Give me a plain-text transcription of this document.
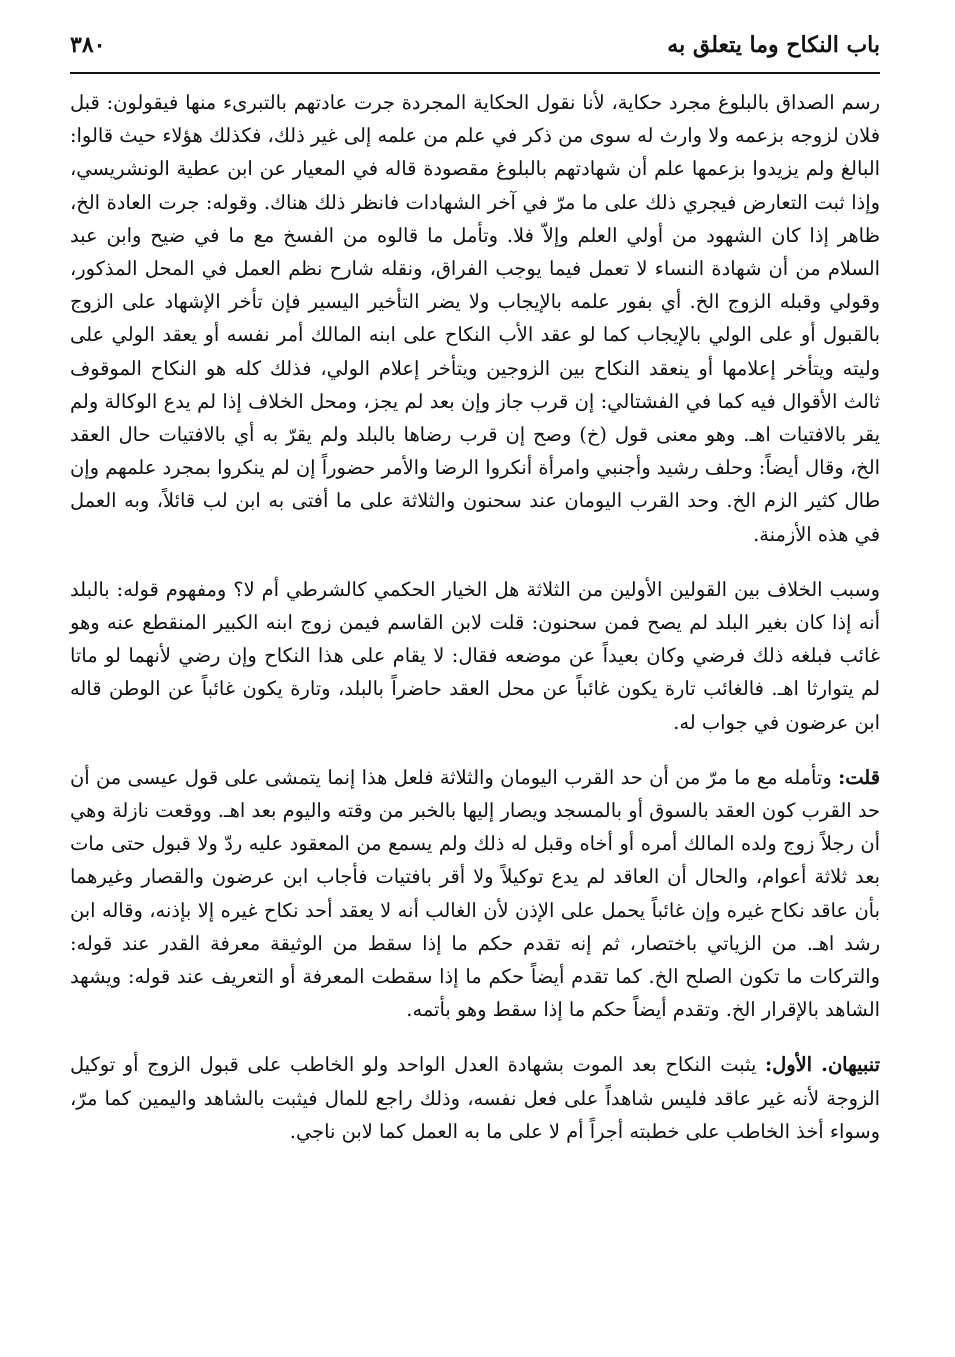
باب النكاح وما يتعلق به
٣٨٠

رسم الصداق بالبلوغ مجرد حكاية، لأنا نقول الحكاية المجردة جرت عادتهم بالتبرىء منها فيقولون: قبل فلان لزوجه بزعمه ولا وارث له سوى من ذكر في علم من علمه إلى غير ذلك، فكذلك هؤلاء حيث قالوا: البالغ ولم يزيدوا بزعمها علم أن شهادتهم بالبلوغ مقصودة قاله في المعيار عن ابن عطية الونشريسي، وإذا ثبت التعارض فيجري ذلك على ما مرّ في آخر الشهادات فانظر ذلك هناك. وقوله: جرت العادة الخ، ظاهر إذا كان الشهود من أولي العلم وإلاّ فلا. وتأمل ما قالوه من الفسخ مع ما في ضيح وابن عبد السلام من أن شهادة النساء لا تعمل فيما يوجب الفراق، ونقله شارح نظم العمل في المحل المذكور، وقولي وقبله الزوج الخ. أي بفور علمه بالإيجاب ولا يضر التأخير اليسير فإن تأخر الإشهاد على الزوج بالقبول أو على الولي بالإيجاب كما لو عقد الأب النكاح على ابنه المالك أمر نفسه أو يعقد الولي على وليته ويتأخر إعلامها أو ينعقد النكاح بين الزوجين ويتأخر إعلام الولي، فذلك كله هو النكاح الموقوف ثالث الأقوال فيه كما في الفشتالي: إن قرب جاز وإن بعد لم يجز، ومحل الخلاف إذا لم يدع الوكالة ولم يقر بالافتيات اهـ. وهو معنى قول (خ) وصح إن قرب رضاها بالبلد ولم يقرّ به أي بالافتيات حال العقد الخ، وقال أيضاً: وحلف رشيد وأجنبي وامرأة أنكروا الرضا والأمر حضوراً إن لم ينكروا بمجرد علمهم وإن طال كثير الزم الخ. وحد القرب اليومان عند سحنون والثلاثة على ما أفتى به ابن لب قائلاً، وبه العمل في هذه الأزمنة.

وسبب الخلاف بين القولين الأولين من الثلاثة هل الخيار الحكمي كالشرطي أم لا؟ ومفهوم قوله: بالبلد أنه إذا كان بغير البلد لم يصح فمن سحنون: قلت لابن القاسم فيمن زوج ابنه الكبير المنقطع عنه وهو غائب فبلغه ذلك فرضي وكان بعيداً عن موضعه فقال: لا يقام على هذا النكاح وإن رضي لأنهما لو ماتا لم يتوارثا اهـ. فالغائب تارة يكون غائباً عن محل العقد حاضراً بالبلد، وتارة يكون غائباً عن الوطن قاله ابن عرضون في جواب له.

قلت: وتأمله مع ما مرّ من أن حد القرب اليومان والثلاثة فلعل هذا إنما يتمشى على قول عيسى من أن حد القرب كون العقد بالسوق أو بالمسجد ويصار إليها بالخبر من وقته واليوم بعد اهـ. ووقعت نازلة وهي أن رجلاً زوج ولده المالك أمره أو أخاه وقبل له ذلك ولم يسمع من المعقود عليه ردّ ولا قبول حتى مات بعد ثلاثة أعوام، والحال أن العاقد لم يدع توكيلاً ولا أقر بافتيات فأجاب ابن عرضون والقصار وغيرهما بأن عاقد نكاح غيره وإن غائباً يحمل على الإذن لأن الغالب أنه لا يعقد أحد نكاح غيره إلا بإذنه، وقاله ابن رشد اهـ. من الزياتي باختصار، ثم إنه تقدم حكم ما إذا سقط من الوثيقة معرفة القدر عند قوله: والتركات ما تكون الصلح الخ. كما تقدم أيضاً حكم ما إذا سقطت المعرفة أو التعريف عند قوله: ويشهد الشاهد بالإقرار الخ. وتقدم أيضاً حكم ما إذا سقط وهو بأتمه.

تنبيهان. الأول: يثبت النكاح بعد الموت بشهادة العدل الواحد ولو الخاطب على قبول الزوج أو توكيل الزوجة لأنه غير عاقد فليس شاهداً على فعل نفسه، وذلك راجع للمال فيثبت بالشاهد واليمين كما مرّ، وسواء أخذ الخاطب على خطبته أجراً أم لا على ما به العمل كما لابن ناجي.
